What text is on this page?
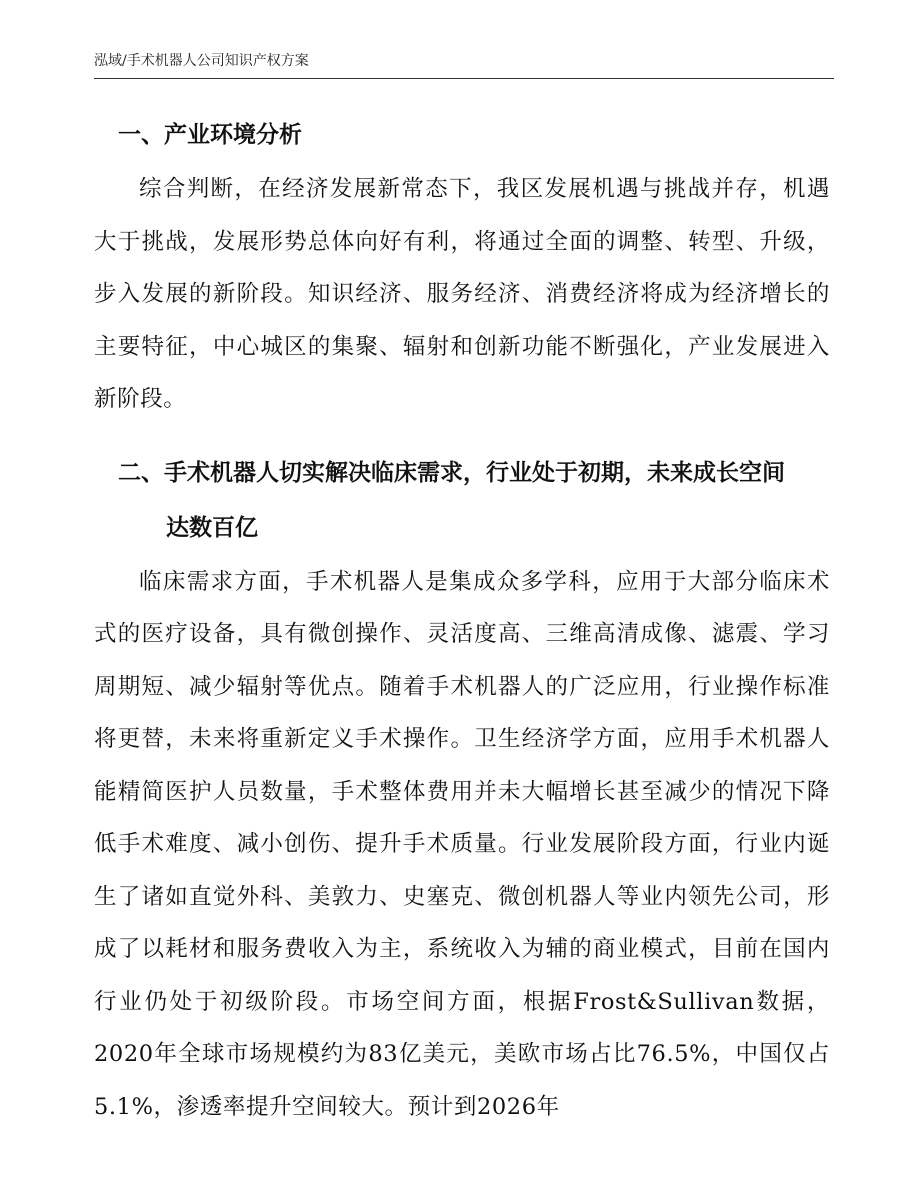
泓域/手术机器人公司知识产权方案
一、产业环境分析

综合判断，在经济发展新常态下，我区发展机遇与挑战并存，机遇大于挑战，发展形势总体向好有利，将通过全面的调整、转型、升级，步入发展的新阶段。知识经济、服务经济、消费经济将成为经济增长的主要特征，中心城区的集聚、辐射和创新功能不断强化，产业发展进入新阶段。

二、手术机器人切实解决临床需求，行业处于初期，未来成长空间
达数百亿

临床需求方面，手术机器人是集成众多学科，应用于大部分临床术式的医疗设备，具有微创操作、灵活度高、三维高清成像、滤震、学习周期短、减少辐射等优点。随着手术机器人的广泛应用，行业操作标准将更替，未来将重新定义手术操作。卫生经济学方面，应用手术机器人能精简医护人员数量，手术整体费用并未大幅增长甚至减少的情况下降低手术难度、减小创伤、提升手术质量。行业发展阶段方面，行业内诞生了诸如直觉外科、美敦力、史塞克、微创机器人等业内领先公司，形成了以耗材和服务费收入为主，系统收入为辅的商业模式，目前在国内行业仍处于初级阶段。市场空间方面，根据Frost&Sullivan数据，2020年全球市场规模约为83亿美元，美欧市场占比76.5%，中国仅占5.1%，渗透率提升空间较大。预计到2026年
